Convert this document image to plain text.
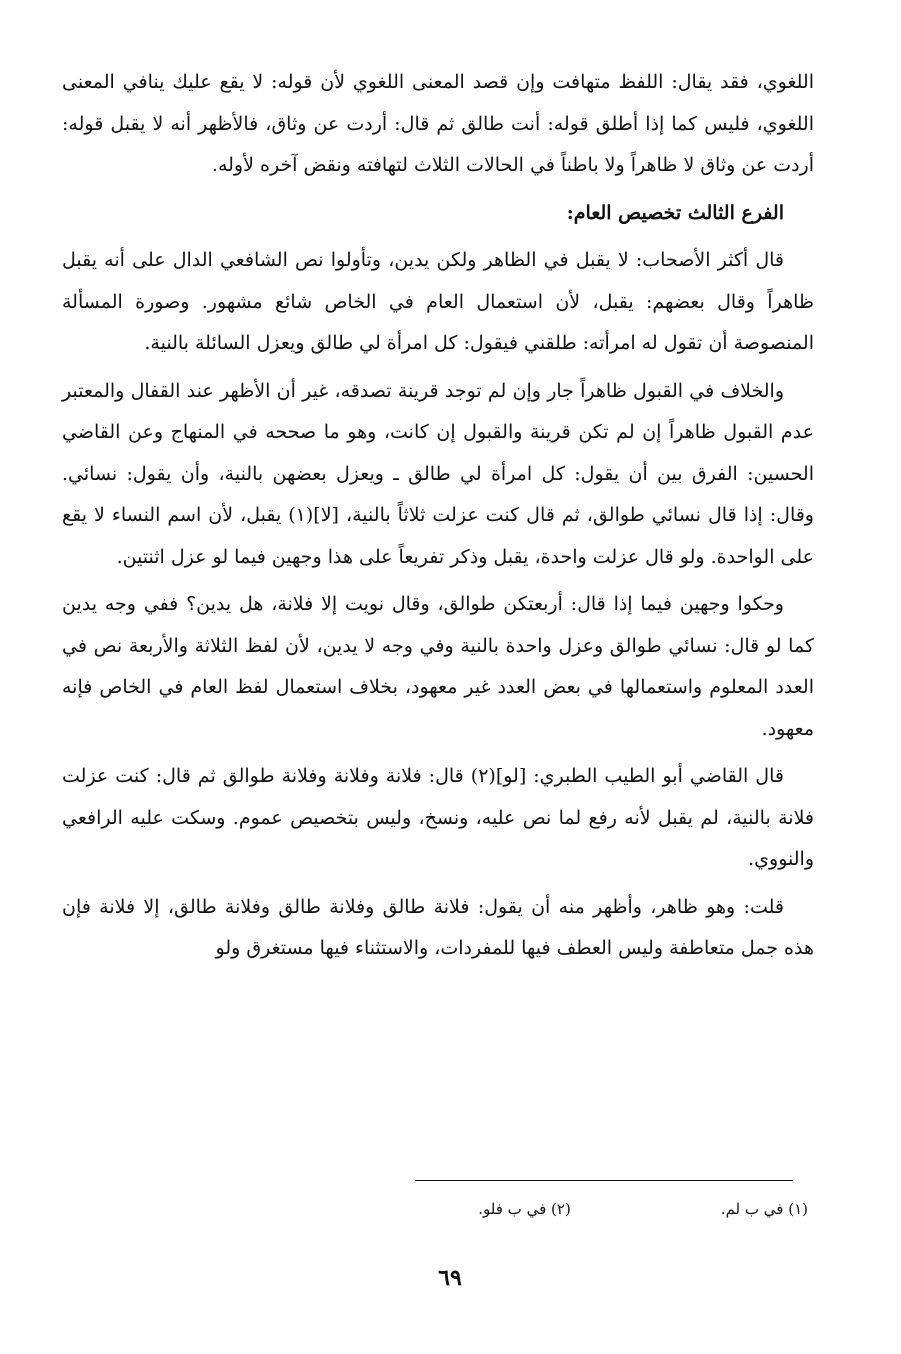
اللغوي، فقد يقال: اللفظ متهافت وإن قصد المعنى اللغوي لأن قوله: لا يقع عليك ينافي المعنى اللغوي، فليس كما إذا أطلق قوله: أنت طالق ثم قال: أردت عن وثاق، فالأظهر أنه لا يقبل قوله: أردت عن وثاق لا ظاهراً ولا باطناً في الحالات الثلاث لتهافته ونقض آخره لأوله.

الفرع الثالث تخصيص العام:

قال أكثر الأصحاب: لا يقبل في الظاهر ولكن يدين، وتأولوا نص الشافعي الدال على أنه يقبل ظاهراً وقال بعضهم: يقبل، لأن استعمال العام في الخاص شائع مشهور. وصورة المسألة المنصوصة أن تقول له امرأته: طلقني فيقول: كل امرأة لي طالق ويعزل السائلة بالنية.

والخلاف في القبول ظاهراً جار وإن لم توجد قرينة تصدقه، غير أن الأظهر عند القفال والمعتبر عدم القبول ظاهراً إن لم تكن قرينة والقبول إن كانت، وهو ما صححه في المنهاج وعن القاضي الحسين: الفرق بين أن يقول: كل امرأة لي طالق ـ ويعزل بعضهن بالنية، وأن يقول: نسائي. وقال: إذا قال نسائي طوالق، ثم قال كنت عزلت ثلاثاً بالنية، [لا](١) يقبل، لأن اسم النساء لا يقع على الواحدة. ولو قال عزلت واحدة، يقبل وذكر تفريعاً على هذا وجهين فيما لو عزل اثنتين.

وحكوا وجهين فيما إذا قال: أربعتكن طوالق، وقال نويت إلا فلانة، هل يدين؟ ففي وجه يدين كما لو قال: نسائي طوالق وعزل واحدة بالنية وفي وجه لا يدين، لأن لفظ الثلاثة والأربعة نص في العدد المعلوم واستعمالها في بعض العدد غير معهود، بخلاف استعمال لفظ العام في الخاص فإنه معهود.

قال القاضي أبو الطيب الطبري: [لو](٢) قال: فلانة وفلانة وفلانة طوالق ثم قال: كنت عزلت فلانة بالنية، لم يقبل لأنه رفع لما نص عليه، ونسخ، وليس بتخصيص عموم. وسكت عليه الرافعي والنووي.

قلت: وهو ظاهر، وأظهر منه أن يقول: فلانة طالق وفلانة طالق وفلانة طالق، إلا فلانة فإن هذه جمل متعاطفة وليس العطف فيها للمفردات، والاستثناء فيها مستغرق ولو

(١) في ب لم.
(٢) في ب فلو.
٦٩
